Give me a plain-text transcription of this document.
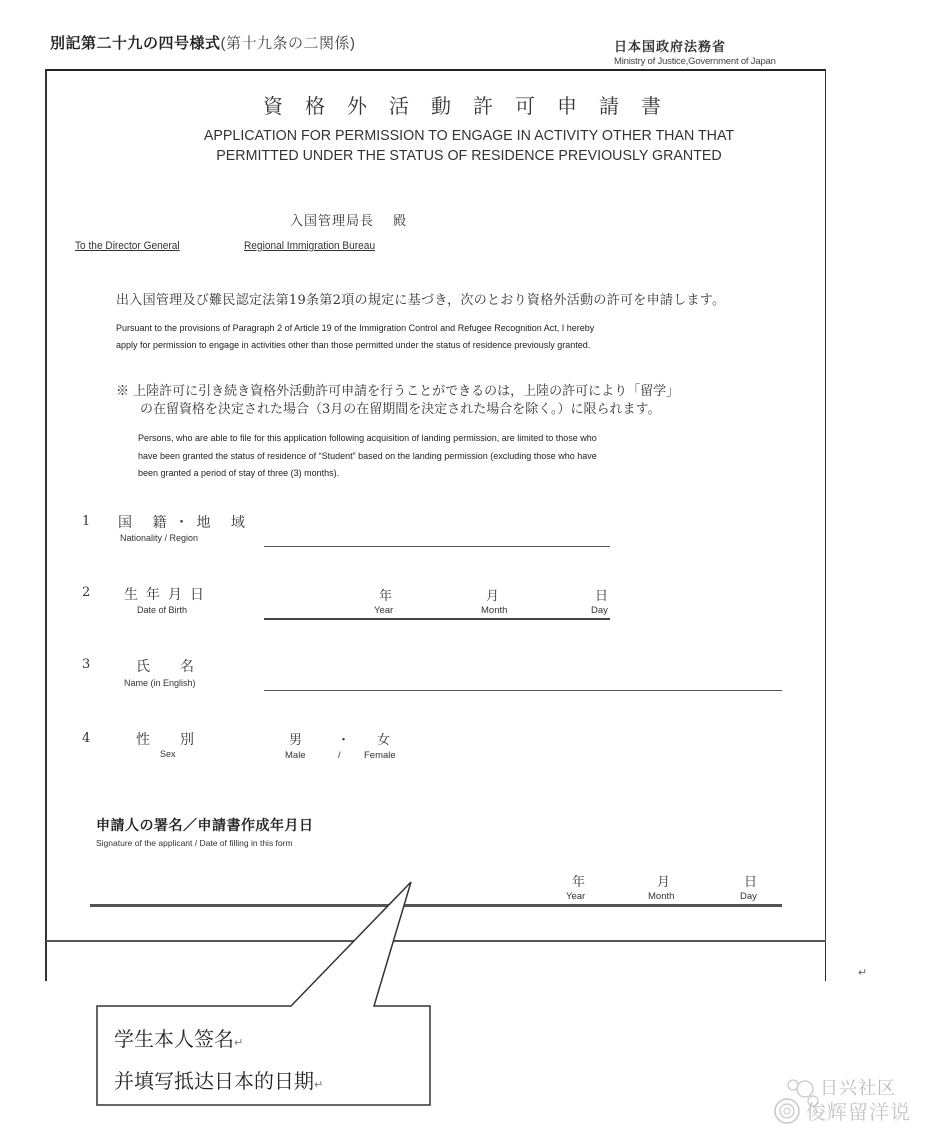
別記第二十九の四号様式(第十九条の二関係)	日本国政府法務省
Ministry of Justice,Government of Japan
資格外活動許可申請書
APPLICATION FOR PERMISSION TO ENGAGE IN ACTIVITY OTHER THAN THAT
PERMITTED UNDER THE STATUS OF RESIDENCE PREVIOUSLY GRANTED
入国管理局長　 殿
To the Director General	Regional Immigration Bureau
出入国管理及び難民認定法第19条第2項の規定に基づき，次のとおり資格外活動の許可を申請します。
Pursuant to the provisions of Paragraph 2 of Article 19 of the Immigration Control and Refugee Recognition Act, I hereby
apply for permission to engage in activities other than those permitted under the status of residence previously granted.
※ 上陸許可に引き続き資格外活動許可申請を行うことができるのは，上陸の許可により「留学」
の在留資格を決定された場合（3月の在留期間を決定された場合を除く。）に限られます。
Persons, who are able to file for this application following acquisition of landing permission, are limited to those who
have been granted the status of residence of “Student” based on the landing permission (excluding those who have
been granted a period of stay of three (3) months).
1 国 籍・地 域
Nationality / Region
2 生年月日
Date of Birth
年
Year
月
Month
日
Day
3	氏　名
Name (in English)
4	性　別
Sex
男	・ 女
Male	/ Female
申請人の署名／申請書作成年月日
Signature of the applicant / Date of filling in this form
年
Year
月
Month
日
Day
↵
学生本人签名↵
并填写抵达日本的日期↵	日兴社区
俊辉留洋说
